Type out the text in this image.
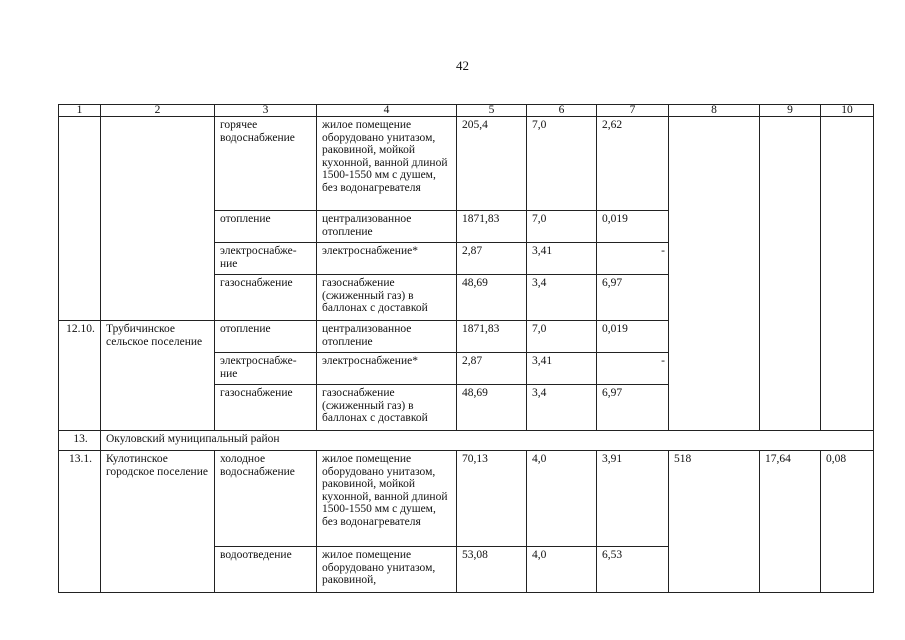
42
1	2	3	4	5	6	7	8	9	10
		горячее водоснабжение	жилое помещение оборудовано унитазом, раковиной, мойкой кухонной, ванной длиной 1500-1550 мм с душем, без водонагревателя	205,4	7,0	2,62			
		отопление	централизованное отопление	1871,83	7,0	0,019			
		электроснабже-ние	электроснабжение*	2,87	3,41	-			
		газоснабжение	газоснабжение (сжиженный газ) в баллонах с доставкой	48,69	3,4	6,97			
12.10.	Трубичинское сельское поселение	отопление	централизованное отопление	1871,83	7,0	0,019			
		электроснабже-ние	электроснабжение*	2,87	3,41	-			
		газоснабжение	газоснабжение (сжиженный газ) в баллонах с доставкой	48,69	3,4	6,97			
13.	Окуловский муниципальный район								
13.1.	Кулотинское городское поселение	холодное водоснабжение	жилое помещение оборудовано унитазом, раковиной, мойкой кухонной, ванной длиной 1500-1550 мм с душем, без водонагревателя	70,13	4,0	3,91	518	17,64	0,08
		водоотведение	жилое помещение оборудовано унитазом, раковиной,	53,08	4,0	6,53			
